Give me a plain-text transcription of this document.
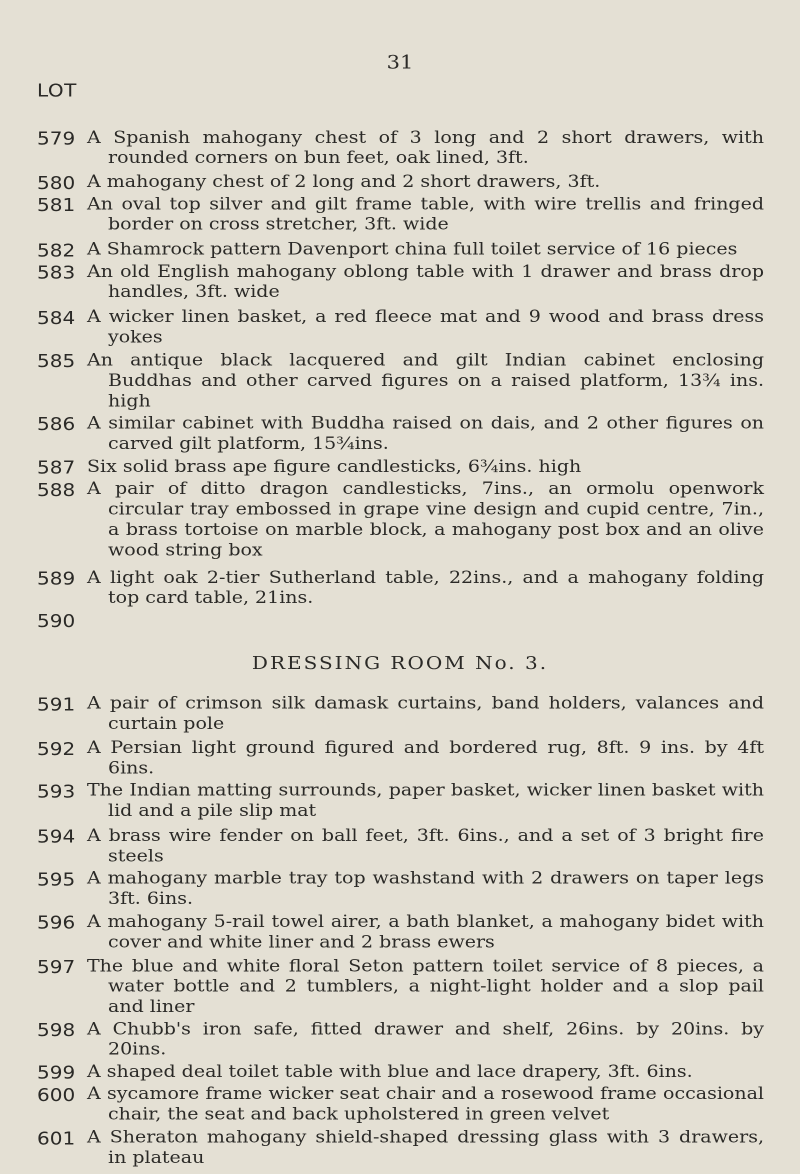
31
LOT
579 A Spanish mahogany chest of 3 long and 2 short drawers, with rounded corners on bun feet, oak lined, 3ft.
580 A mahogany chest of 2 long and 2 short drawers, 3ft.
581 An oval top silver and gilt frame table, with wire trellis and fringed border on cross stretcher, 3ft. wide
582 A Shamrock pattern Davenport china full toilet service of 16 pieces
583 An old English mahogany oblong table with 1 drawer and brass drop handles, 3ft. wide
584 A wicker linen basket, a red fleece mat and 9 wood and brass dress yokes
585 An antique black lacquered and gilt Indian cabinet enclosing Buddhas and other carved figures on a raised platform, 13¾ ins. high
586 A similar cabinet with Buddha raised on dais, and 2 other figures on carved gilt platform, 15¾ins.
587 Six solid brass ape figure candlesticks, 6¾ins. high
588 A pair of ditto dragon candlesticks, 7ins., an ormolu openwork circular tray embossed in grape vine design and cupid centre, 7in., a brass tortoise on marble block, a mahogany post box and an olive wood string box
589 A light oak 2-tier Sutherland table, 22ins., and a mahogany folding top card table, 21ins.
590
DRESSING ROOM No. 3.
591 A pair of crimson silk damask curtains, band holders, valances and curtain pole
592 A Persian light ground figured and bordered rug, 8ft. 9 ins. by 4ft 6ins.
593 The Indian matting surrounds, paper basket, wicker linen basket with lid and a pile slip mat
594 A brass wire fender on ball feet, 3ft. 6ins., and a set of 3 bright fire steels
595 A mahogany marble tray top washstand with 2 drawers on taper legs 3ft. 6ins.
596 A mahogany 5-rail towel airer, a bath blanket, a mahogany bidet with cover and white liner and 2 brass ewers
597 The blue and white floral Seton pattern toilet service of 8 pieces, a water bottle and 2 tumblers, a night-light holder and a slop pail and liner
598 A Chubb's iron safe, fitted drawer and shelf, 26ins. by 20ins. by 20ins.
599 A shaped deal toilet table with blue and lace drapery, 3ft. 6ins.
600 A sycamore frame wicker seat chair and a rosewood frame occasional chair, the seat and back upholstered in green velvet
601 A Sheraton mahogany shield-shaped dressing glass with 3 drawers, in plateau
